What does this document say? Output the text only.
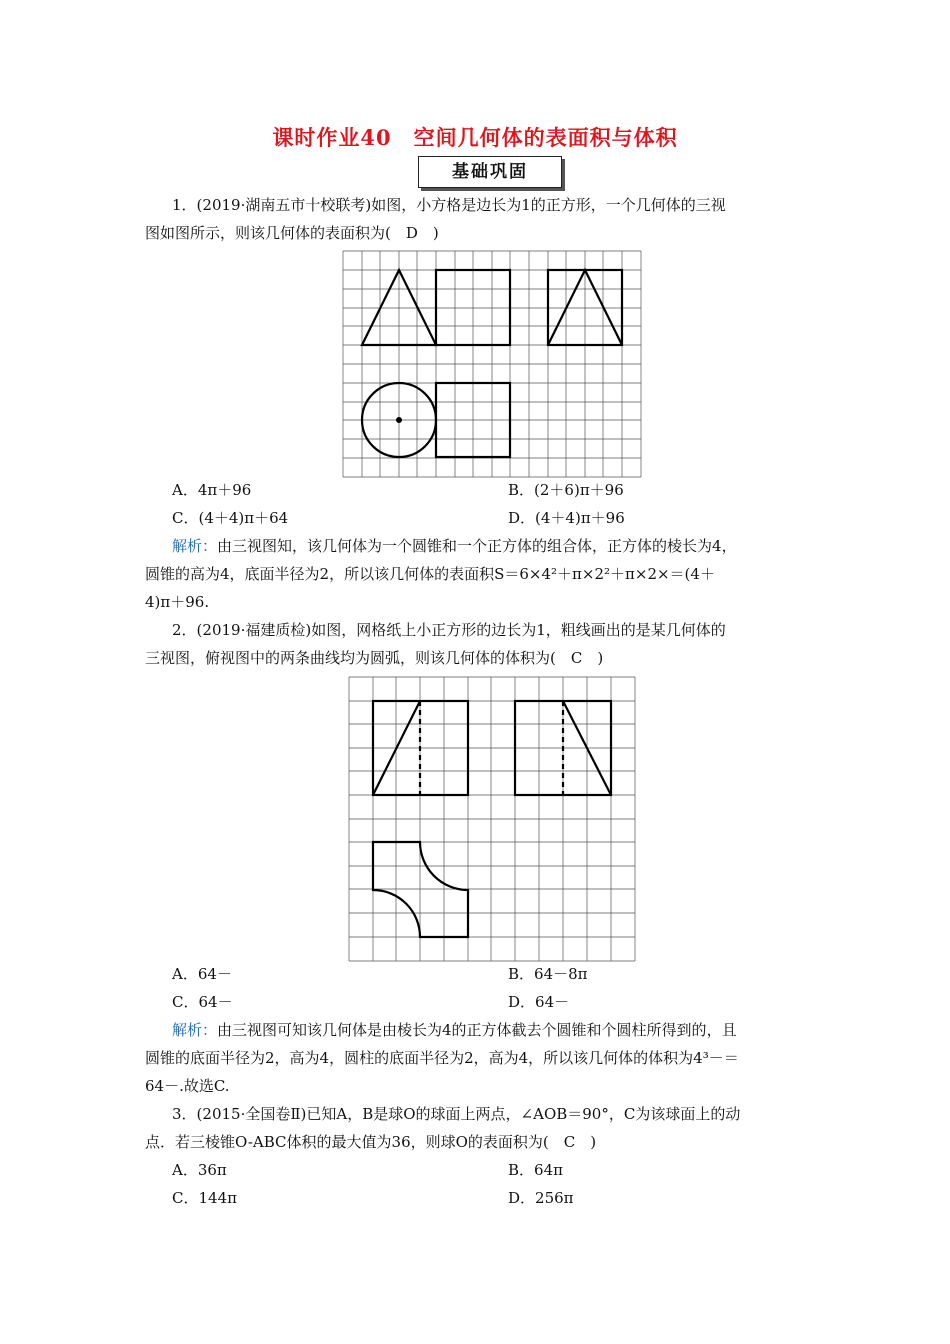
课时作业40　空间几何体的表面积与体积
基础巩固
1．(2019·湖南五市十校联考)如图，小方格是边长为1的正方形，一个几何体的三视
图如图所示，则该几何体的表面积为(　D　)
A．4π＋96	B．(2＋6)π＋96
C．(4＋4)π＋64	D．(4＋4)π＋96
解析：由三视图知，该几何体为一个圆锥和一个正方体的组合体，正方体的棱长为4，
圆锥的高为4，底面半径为2，所以该几何体的表面积S＝6×4²＋π×2²＋π×2×＝(4＋
4)π＋96.
2．(2019·福建质检)如图，网格纸上小正方形的边长为1，粗线画出的是某几何体的
三视图，俯视图中的两条曲线均为圆弧，则该几何体的体积为(　C　)
A．64－	B．64－8π
C．64－	D．64－
解析：由三视图可知该几何体是由棱长为4的正方体截去个圆锥和个圆柱所得到的，且
圆锥的底面半径为2，高为4，圆柱的底面半径为2，高为4，所以该几何体的体积为4³－＝
64－.故选C.
3．(2015·全国卷Ⅱ)已知A，B是球O的球面上两点，∠AOB＝90°，C为该球面上的动
点．若三棱锥O-ABC体积的最大值为36，则球O的表面积为(　C　)
A．36π	B．64π
C．144π	D．256π
